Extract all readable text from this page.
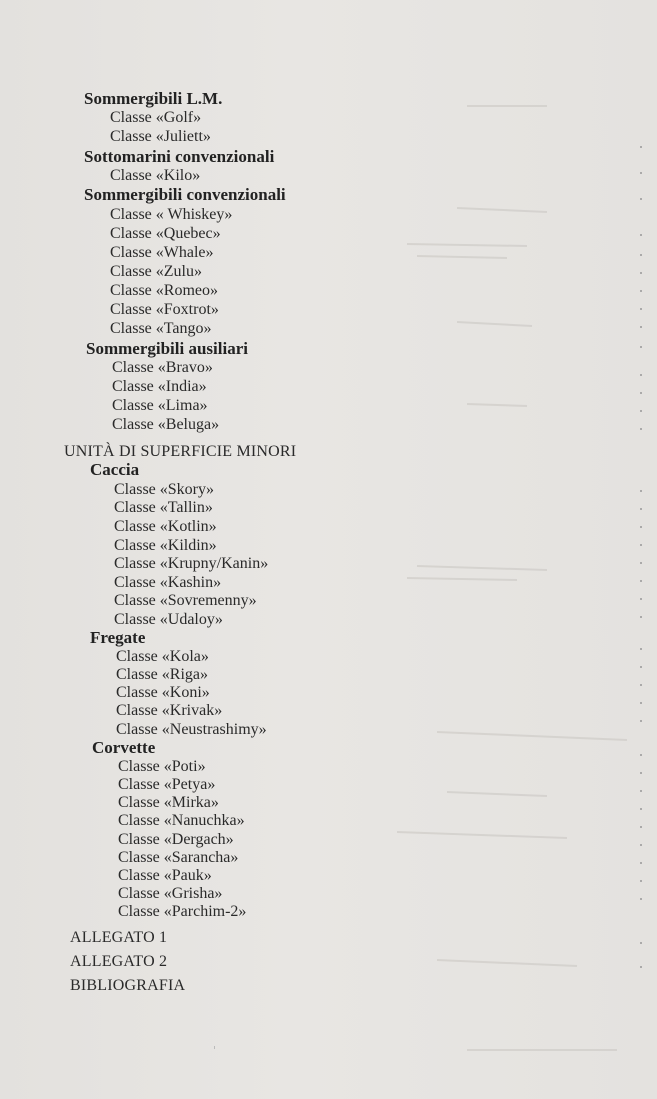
Sommergibili L.M.
Classe «Golf»
Classe «Juliett»
Sottomarini convenzionali
Classe «Kilo»
Sommergibili convenzionali
Classe « Whiskey»
Classe «Quebec»
Classe «Whale»
Classe «Zulu»
Classe «Romeo»
Classe «Foxtrot»
Classe «Tango»
Sommergibili ausiliari
Classe «Bravo»
Classe «India»
Classe «Lima»
Classe «Beluga»
UNITÀ DI SUPERFICIE MINORI
Caccia
Classe «Skory»
Classe «Tallin»
Classe «Kotlin»
Classe «Kildin»
Classe «Krupny/Kanin»
Classe «Kashin»
Classe «Sovremenny»
Classe «Udaloy»
Fregate
Classe «Kola»
Classe «Riga»
Classe «Koni»
Classe «Krivak»
Classe «Neustrashimy»
Corvette
Classe «Poti»
Classe «Petya»
Classe «Mirka»
Classe «Nanuchka»
Classe «Dergach»
Classe «Sarancha»
Classe «Pauk»
Classe «Grisha»
Classe «Parchim-2»
ALLEGATO 1
ALLEGATO 2
BIBLIOGRAFIA
